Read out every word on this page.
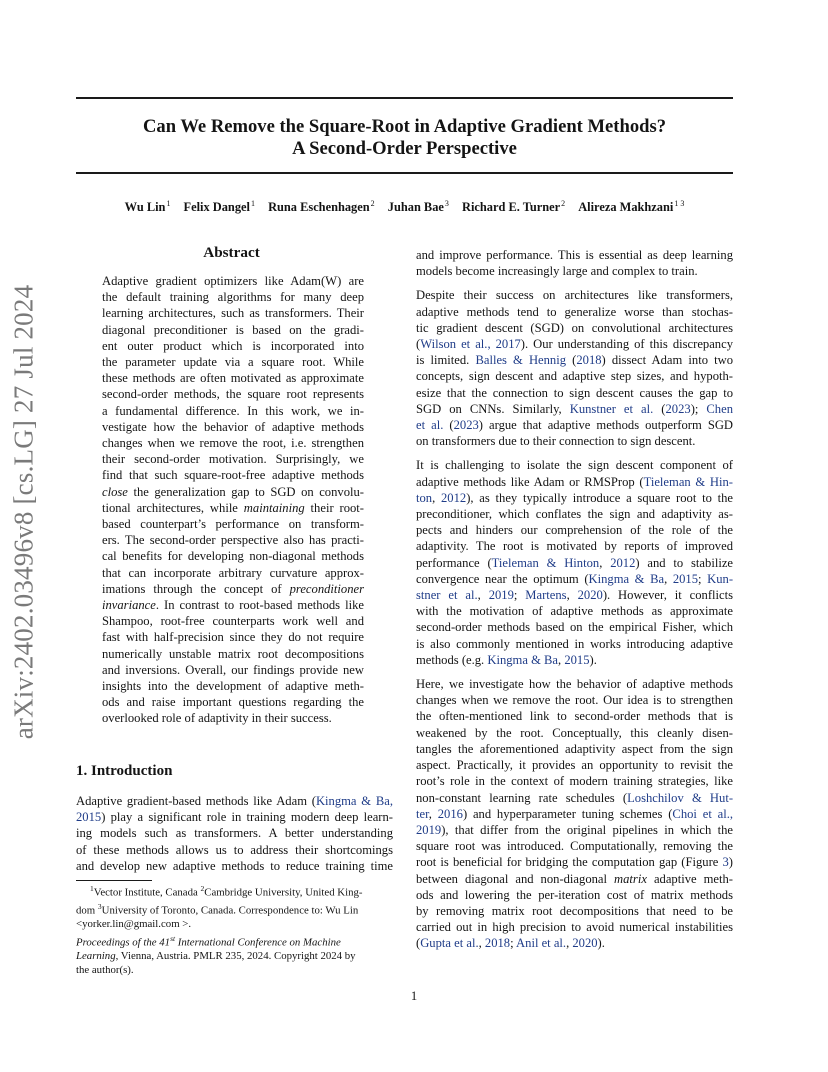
arXiv:2402.03496v8 [cs.LG] 27 Jul 2024
Can We Remove the Square-Root in Adaptive Gradient Methods?
A Second-Order Perspective
Wu Lin$^1$ Felix Dangel$^1$ Runa Eschenhagen$^2$ Juhan Bae$^3$ Richard E. Turner$^2$ Alireza Makhzani$^{1 3}$
Abstract
Adaptive gradient optimizers like Adam(W) are
the default training algorithms for many deep
learning architectures, such as transformers. Their
diagonal preconditioner is based on the gradi-
ent outer product which is incorporated into
the parameter update via a square root. While
these methods are often motivated as approximate
second-order methods, the square root represents
a fundamental difference. In this work, we in-
vestigate how the behavior of adaptive methods
changes when we remove the root, i.e. strengthen
their second-order motivation. Surprisingly, we
find that such square-root-free adaptive methods
close the generalization gap to SGD on convolu-
tional architectures, while maintaining their root-
based counterpart’s performance on transform-
ers. The second-order perspective also has practi-
cal benefits for developing non-diagonal methods
that can incorporate arbitrary curvature approx-
imations through the concept of preconditioner
invariance. In contrast to root-based methods like
Shampoo, root-free counterparts work well and
fast with half-precision since they do not require
numerically unstable matrix root decompositions
and inversions. Overall, our findings provide new
insights into the development of adaptive meth-
ods and raise important questions regarding the
overlooked role of adaptivity in their success.
1. Introduction
Adaptive gradient-based methods like Adam (Kingma & Ba,
2015) play a significant role in training modern deep learn-
ing models such as transformers. A better understanding
of these methods allows us to address their shortcomings
and develop new adaptive methods to reduce training time
$^1$Vector Institute, Canada $^2$Cambridge University, United King-
dom $^3$University of Toronto, Canada. Correspondence to: Wu Lin
<yorker.lin@gmail.com >.
Proceedings of the 41st International Conference on Machine
Learning, Vienna, Austria. PMLR 235, 2024. Copyright 2024 by
the author(s).
and improve performance. This is essential as deep learning
models become increasingly large and complex to train.
Despite their success on architectures like transformers,
adaptive methods tend to generalize worse than stochas-
tic gradient descent (SGD) on convolutional architectures
(Wilson et al., 2017). Our understanding of this discrepancy
is limited. Balles & Hennig (2018) dissect Adam into two
concepts, sign descent and adaptive step sizes, and hypoth-
esize that the connection to sign descent causes the gap to
SGD on CNNs. Similarly, Kunstner et al. (2023); Chen
et al. (2023) argue that adaptive methods outperform SGD
on transformers due to their connection to sign descent.
It is challenging to isolate the sign descent component of
adaptive methods like Adam or RMSProp (Tieleman & Hin-
ton, 2012), as they typically introduce a square root to the
preconditioner, which conflates the sign and adaptivity as-
pects and hinders our comprehension of the role of the
adaptivity. The root is motivated by reports of improved
performance (Tieleman & Hinton, 2012) and to stabilize
convergence near the optimum (Kingma & Ba, 2015; Kun-
stner et al., 2019; Martens, 2020). However, it conflicts
with the motivation of adaptive methods as approximate
second-order methods based on the empirical Fisher, which
is also commonly mentioned in works introducing adaptive
methods (e.g. Kingma & Ba, 2015).
Here, we investigate how the behavior of adaptive methods
changes when we remove the root. Our idea is to strengthen
the often-mentioned link to second-order methods that is
weakened by the root. Conceptually, this cleanly disen-
tangles the aforementioned adaptivity aspect from the sign
aspect. Practically, it provides an opportunity to revisit the
root’s role in the context of modern training strategies, like
non-constant learning rate schedules (Loshchilov & Hut-
ter, 2016) and hyperparameter tuning schemes (Choi et al.,
2019), that differ from the original pipelines in which the
square root was introduced. Computationally, removing the
root is beneficial for bridging the computation gap (Figure 3)
between diagonal and non-diagonal matrix adaptive meth-
ods and lowering the per-iteration cost of matrix methods
by removing matrix root decompositions that need to be
carried out in high precision to avoid numerical instabilities
(Gupta et al., 2018; Anil et al., 2020).
1
